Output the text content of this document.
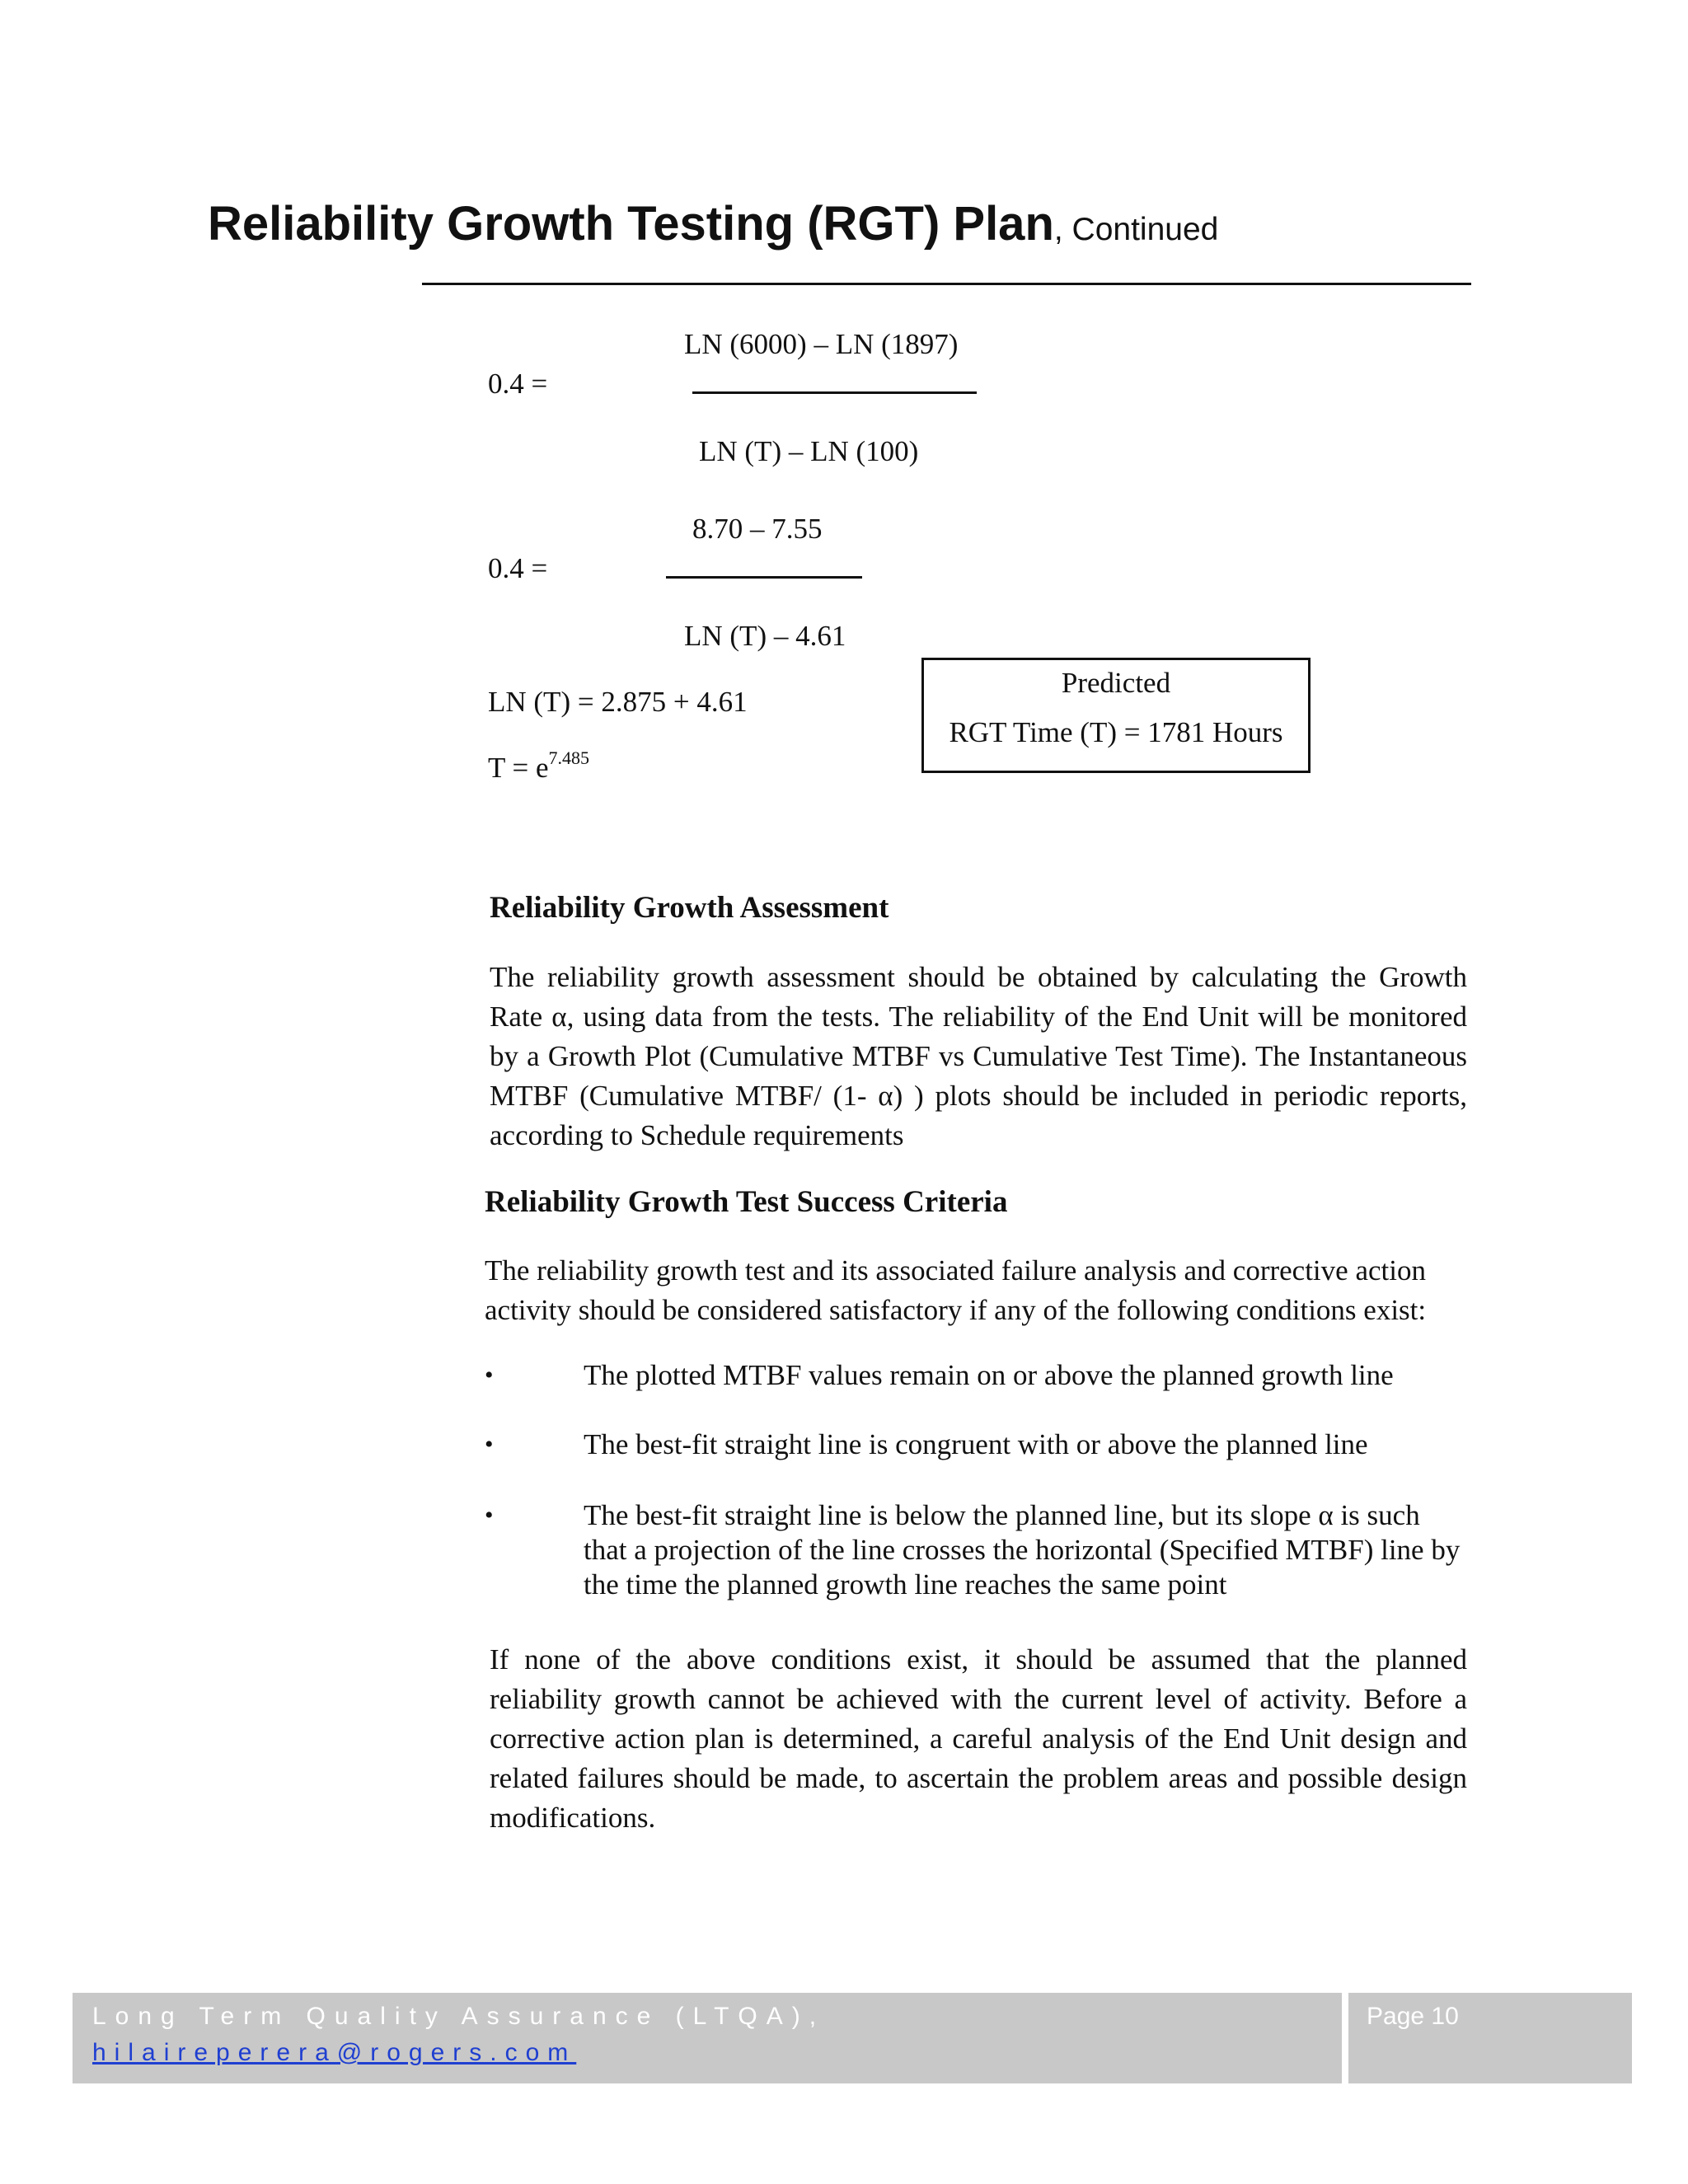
Reliability Growth Testing (RGT) Plan, Continued
LN (6000) – LN (1897)
0.4 =
LN (T) – LN (100)
8.70 – 7.55
0.4 =
LN (T) – 4.61
LN (T) = 2.875 + 4.61
$T = e^{7.485}$
Predicted
RGT Time (T) = 1781 Hours
Reliability Growth Assessment

The reliability growth assessment should be obtained by calculating the Growth Rate α, using data from the tests. The reliability of the End Unit will be monitored by a Growth Plot (Cumulative MTBF vs Cumulative Test Time). The Instantaneous MTBF (Cumulative MTBF/ (1- α) ) plots should be included in periodic reports, according to Schedule requirements

Reliability Growth Test Success Criteria

The reliability growth test and its associated failure analysis and corrective action activity should be considered satisfactory if any of the following conditions exist:

•	The plotted MTBF values remain on or above the planned growth line
•	The best-fit straight line is congruent with or above the planned line
•	The best-fit straight line is below the planned line, but its slope α is such that a projection of the line crosses the horizontal (Specified MTBF) line by the time the planned growth line reaches the same point

If none of the above conditions exist, it should be assumed that the planned reliability growth cannot be achieved with the current level of activity. Before a corrective action plan is determined, a careful analysis of the End Unit design and related failures should be made, to ascertain the problem areas and possible design modifications.

Long Term Quality Assurance (LTQA),
hilaireperera@rogers.com
Page 10
